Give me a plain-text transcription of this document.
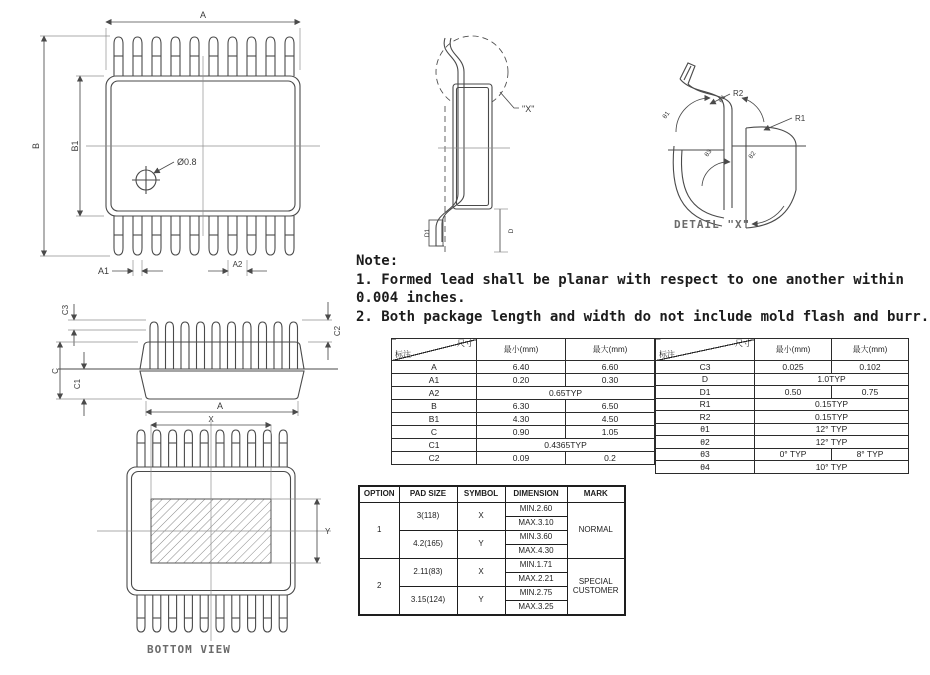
Ø0.8
A
B	B1
A1
A2
C3
C
C1
C2
A
X
Y
BOTTOM VIEW
"X"
D1	D
R2
R1
θ1
θ4
θ3	θ2
DETAIL "X"
Note:
1. Formed lead shall be planar with respect to one another within
0.004 inches.
2. Both package length and width do not include mold flash and burr.
尺寸
标注	最小(mm)	最大(mm)
A	6.40	6.60
A1	0.20	0.30
A2	0.65TYP	
B	6.30	6.50
B1	4.30	4.50
C	0.90	1.05
C1	0.4365TYP	
C2	0.09	0.2
尺寸
标注	最小(mm)	最大(mm)
C3	0.025	0.102
D	1.0TYP	
D1	0.50	0.75
R1	0.15TYP	
R2	0.15TYP	
θ1	12° TYP	
θ2	12° TYP	
θ3	0° TYP	8° TYP
θ4	10° TYP	
OPTION	PAD SIZE	SYMBOL	DIMENSION	MARK
1	3(118)	X	MIN.2.60	NORMAL
			MAX.3.10	
	4.2(165)	Y	MIN.3.60	
			MAX.4.30	
2	2.11(83)	X	MIN.1.71	SPECIAL CUSTOMER
			MAX.2.21	
	3.15(124)	Y	MIN.2.75	
			MAX.3.25	
